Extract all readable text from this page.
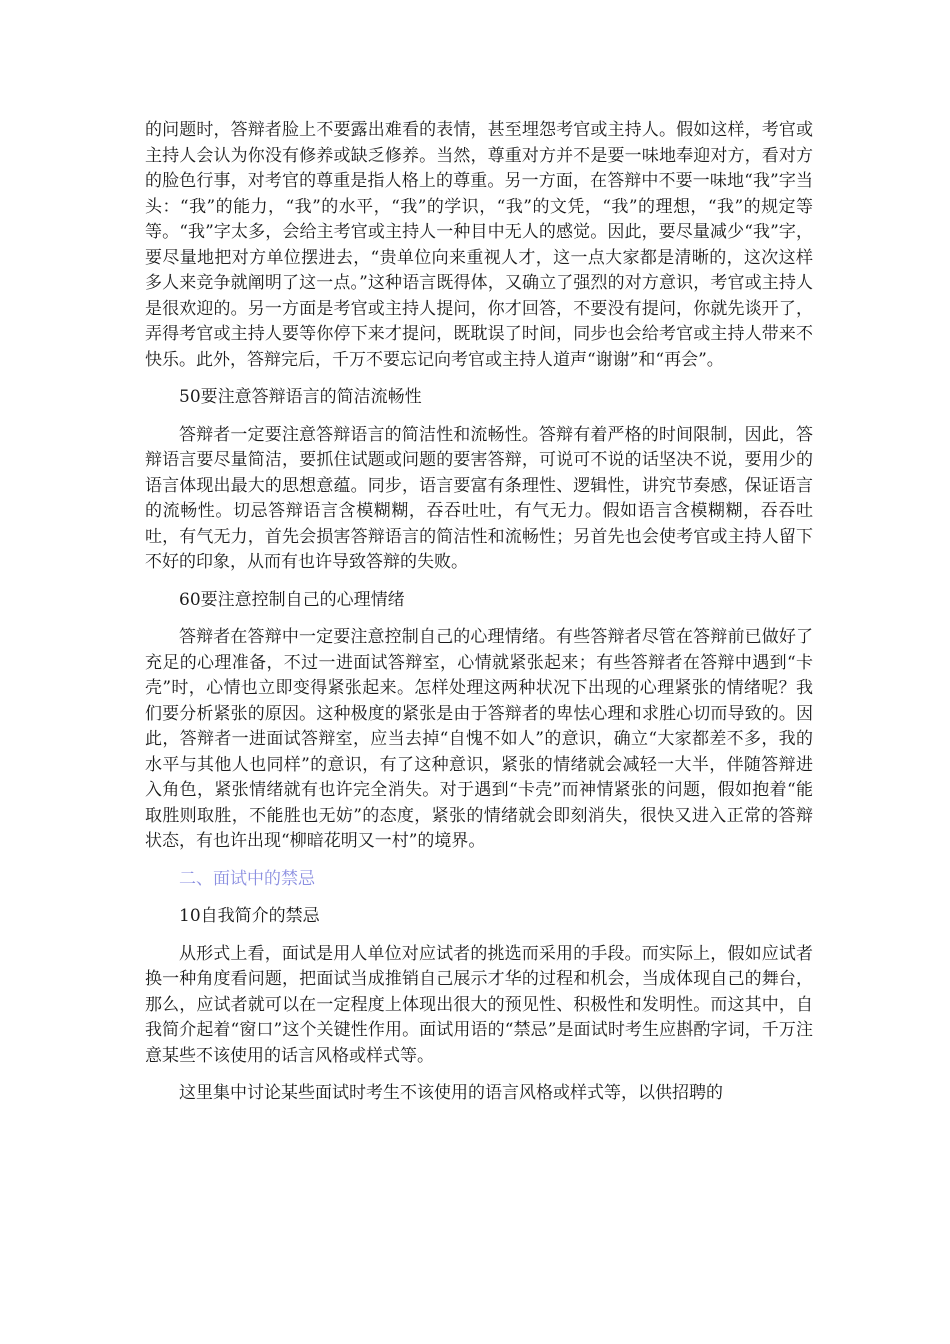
的问题时，答辩者脸上不要露出难看的表情，甚至埋怨考官或主持人。假如这样，考官或主持人会认为你没有修养或缺乏修养。当然，尊重对方并不是要一味地奉迎对方，看对方的脸色行事，对考官的尊重是指人格上的尊重。另一方面，在答辩中不要一味地“我”字当头：“我”的能力，“我”的水平，“我”的学识，“我”的文凭，“我”的理想，“我”的规定等等。“我”字太多，会给主考官或主持人一种目中无人的感觉。因此，要尽量减少“我”字，要尽量地把对方单位摆进去，“贵单位向来重视人才，这一点大家都是清晰的，这次这样多人来竞争就阐明了这一点。”这种语言既得体，又确立了强烈的对方意识，考官或主持人是很欢迎的。另一方面是考官或主持人提问，你才回答，不要没有提问，你就先谈开了，弄得考官或主持人要等你停下来才提问，既耽误了时间，同步也会给考官或主持人带来不快乐。此外，答辩完后，千万不要忘记向考官或主持人道声“谢谢”和“再会”。

50要注意答辩语言的简洁流畅性

答辩者一定要注意答辩语言的简洁性和流畅性。答辩有着严格的时间限制，因此，答辩语言要尽量简洁，要抓住试题或问题的要害答辩，可说可不说的话坚决不说，要用少的语言体现出最大的思想意蕴。同步，语言要富有条理性、逻辑性，讲究节奏感，保证语言的流畅性。切忌答辩语言含模糊糊，吞吞吐吐，有气无力。假如语言含模糊糊，吞吞吐吐，有气无力，首先会损害答辩语言的简洁性和流畅性；另首先也会使考官或主持人留下不好的印象，从而有也许导致答辩的失败。

60要注意控制自己的心理情绪

答辩者在答辩中一定要注意控制自己的心理情绪。有些答辩者尽管在答辩前已做好了充足的心理准备，不过一进面试答辩室，心情就紧张起来；有些答辩者在答辩中遇到“卡壳”时，心情也立即变得紧张起来。怎样处理这两种状况下出现的心理紧张的情绪呢？我们要分析紧张的原因。这种极度的紧张是由于答辩者的卑怯心理和求胜心切而导致的。因此，答辩者一进面试答辩室，应当去掉“自愧不如人”的意识，确立“大家都差不多，我的水平与其他人也同样”的意识，有了这种意识，紧张的情绪就会减轻一大半，伴随答辩进入角色，紧张情绪就有也许完全消失。对于遇到“卡壳”而神情紧张的问题，假如抱着“能取胜则取胜，不能胜也无妨”的态度，紧张的情绪就会即刻消失，很快又进入正常的答辩状态，有也许出现“柳暗花明又一村”的境界。

二、面试中的禁忌

10自我简介的禁忌

从形式上看，面试是用人单位对应试者的挑选而采用的手段。而实际上，假如应试者换一种角度看问题，把面试当成推销自己展示才华的过程和机会，当成体现自己的舞台，那么，应试者就可以在一定程度上体现出很大的预见性、积极性和发明性。而这其中，自我简介起着“窗口”这个关键性作用。面试用语的“禁忌”是面试时考生应斟酌字词，千万注意某些不该使用的话言风格或样式等。

这里集中讨论某些面试时考生不该使用的语言风格或样式等，以供招聘的
